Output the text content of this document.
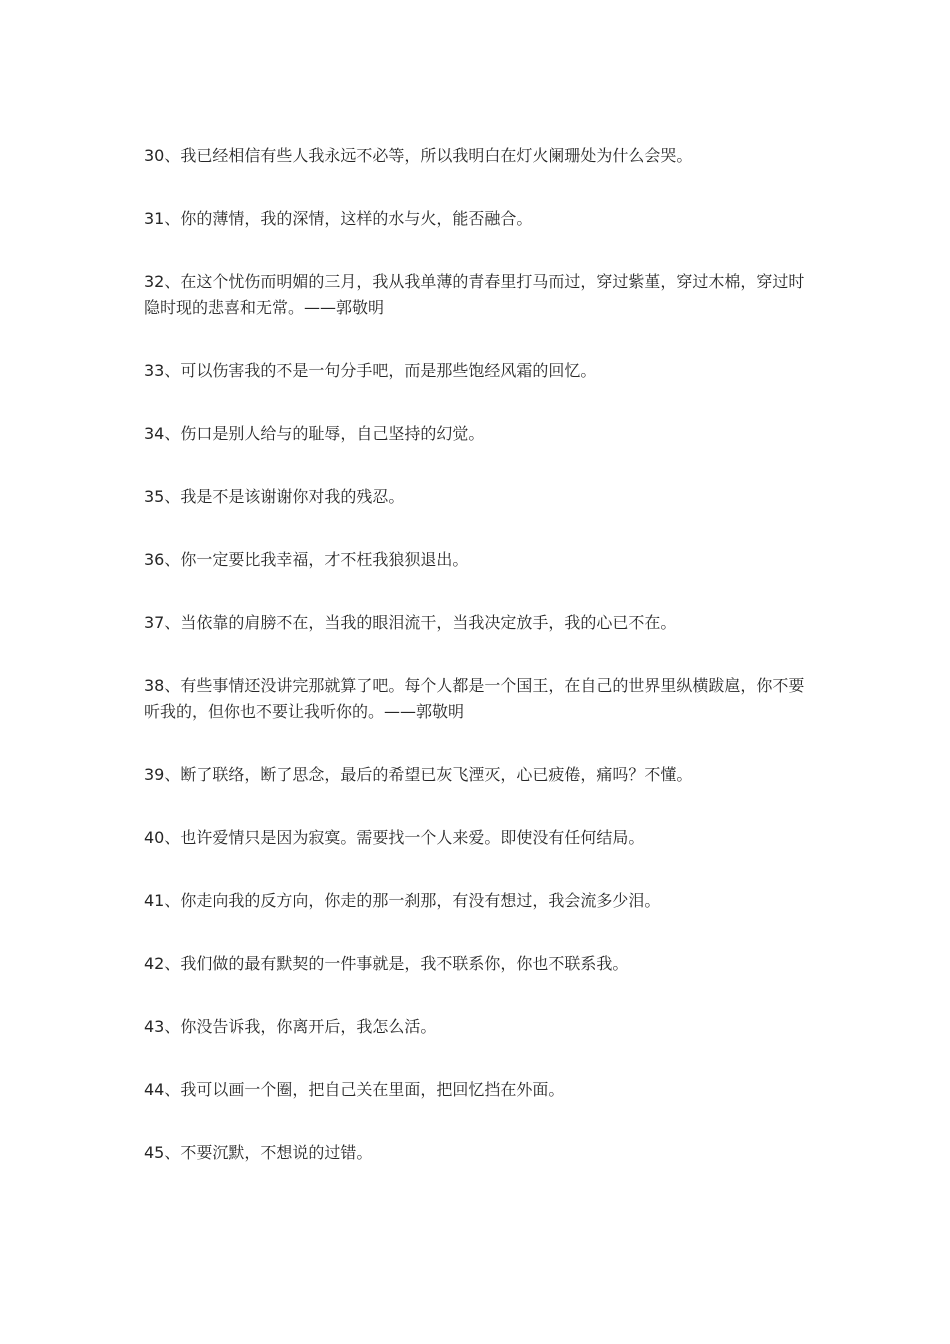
30、我已经相信有些人我永远不必等，所以我明白在灯火阑珊处为什么会哭。

31、你的薄情，我的深情，这样的水与火，能否融合。

32、在这个忧伤而明媚的三月，我从我单薄的青春里打马而过，穿过紫堇，穿过木棉，穿过时隐时现的悲喜和无常。——郭敬明

33、可以伤害我的不是一句分手吧，而是那些饱经风霜的回忆。

34、伤口是别人给与的耻辱，自己坚持的幻觉。

35、我是不是该谢谢你对我的残忍。

36、你一定要比我幸福，才不枉我狼狈退出。

37、当依靠的肩膀不在，当我的眼泪流干，当我决定放手，我的心已不在。

38、有些事情还没讲完那就算了吧。每个人都是一个国王，在自己的世界里纵横跋扈，你不要听我的，但你也不要让我听你的。——郭敬明

39、断了联络，断了思念，最后的希望已灰飞湮灭，心已疲倦，痛吗？不懂。

40、也许爱情只是因为寂寞。需要找一个人来爱。即使没有任何结局。

41、你走向我的反方向，你走的那一刹那，有没有想过，我会流多少泪。

42、我们做的最有默契的一件事就是，我不联系你，你也不联系我。

43、你没告诉我，你离开后，我怎么活。

44、我可以画一个圈，把自己关在里面，把回忆挡在外面。

45、不要沉默，不想说的过错。
